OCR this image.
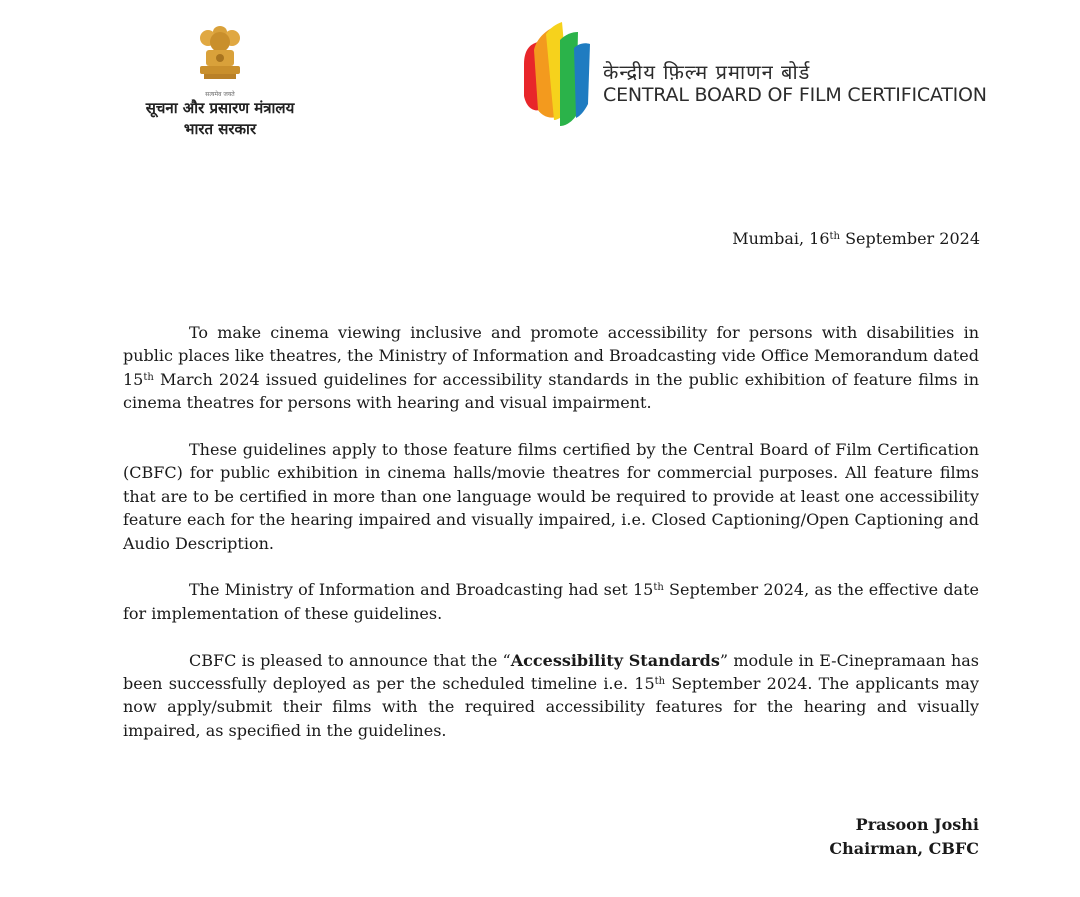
सत्यमेव जयते
सूचना और प्रसारण मंत्रालय
भारत सरकार
केन्द्रीय फ़िल्म प्रमाणन बोर्ड
CENTRAL BOARD OF FILM CERTIFICATION
Mumbai, 16th September 2024

To make cinema viewing inclusive and promote accessibility for persons with disabilities in public places like theatres, the Ministry of Information and Broadcasting vide Office Memorandum dated 15th March 2024 issued guidelines for accessibility standards in the public exhibition of feature films in cinema theatres for persons with hearing and visual impairment.

These guidelines apply to those feature films certified by the Central Board of Film Certification (CBFC) for public exhibition in cinema halls/movie theatres for commercial purposes. All feature films that are to be certified in more than one language would be required to provide at least one accessibility feature each for the hearing impaired and visually impaired, i.e. Closed Captioning/Open Captioning and Audio Description.

The Ministry of Information and Broadcasting had set 15th September 2024, as the effective date for implementation of these guidelines.

CBFC is pleased to announce that the “Accessibility Standards” module in E-Cinepramaan has been successfully deployed as per the scheduled timeline i.e. 15th September 2024. The applicants may now apply/submit their films with the required accessibility features for the hearing and visually impaired, as specified in the guidelines.

Prasoon Joshi
Chairman, CBFC
